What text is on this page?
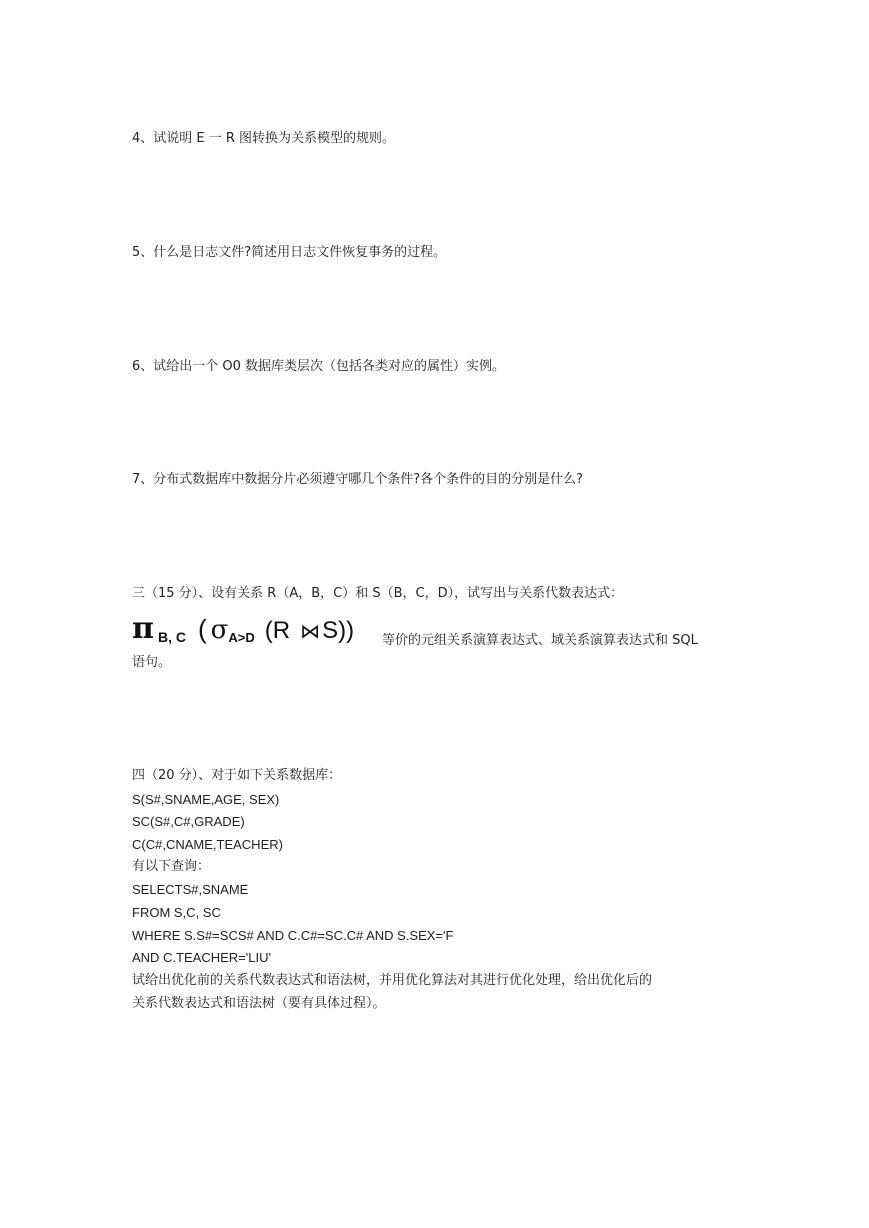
4、试说明 E 一 R 图转换为关系模型的规则。
5、什么是日志文件?简述用日志文件恢复事务的过程。
6、试给出一个 O0 数据库类层次（包括各类对应的属性）实例。
7、分布式数据库中数据分片必须遵守哪几个条件?各个条件的目的分别是什么?
三（15 分）、设有关系 R（A，B，C）和 S（B，C，D），试写出与关系代数表达式：
π B, C ( σ A>D (R ⋈ S)) 等价的元组关系演算表达式、域关系演算表达式和 SQL
语句。
四（20 分）、对于如下关系数据库：
S(S#,SNAME,AGE, SEX)
SC(S#,C#,GRADE)
C(C#,CNAME,TEACHER)
有以下查询：
SELECTS#,SNAME
FROM S,C, SC
WHERE S.S#=SCS# AND C.C#=SC.C# AND S.SEX='F
AND C.TEACHER='LIU'
试给出优化前的关系代数表达式和语法树，并用优化算法对其进行优化处理，给出优化后的
关系代数表达式和语法树（要有具体过程）。
